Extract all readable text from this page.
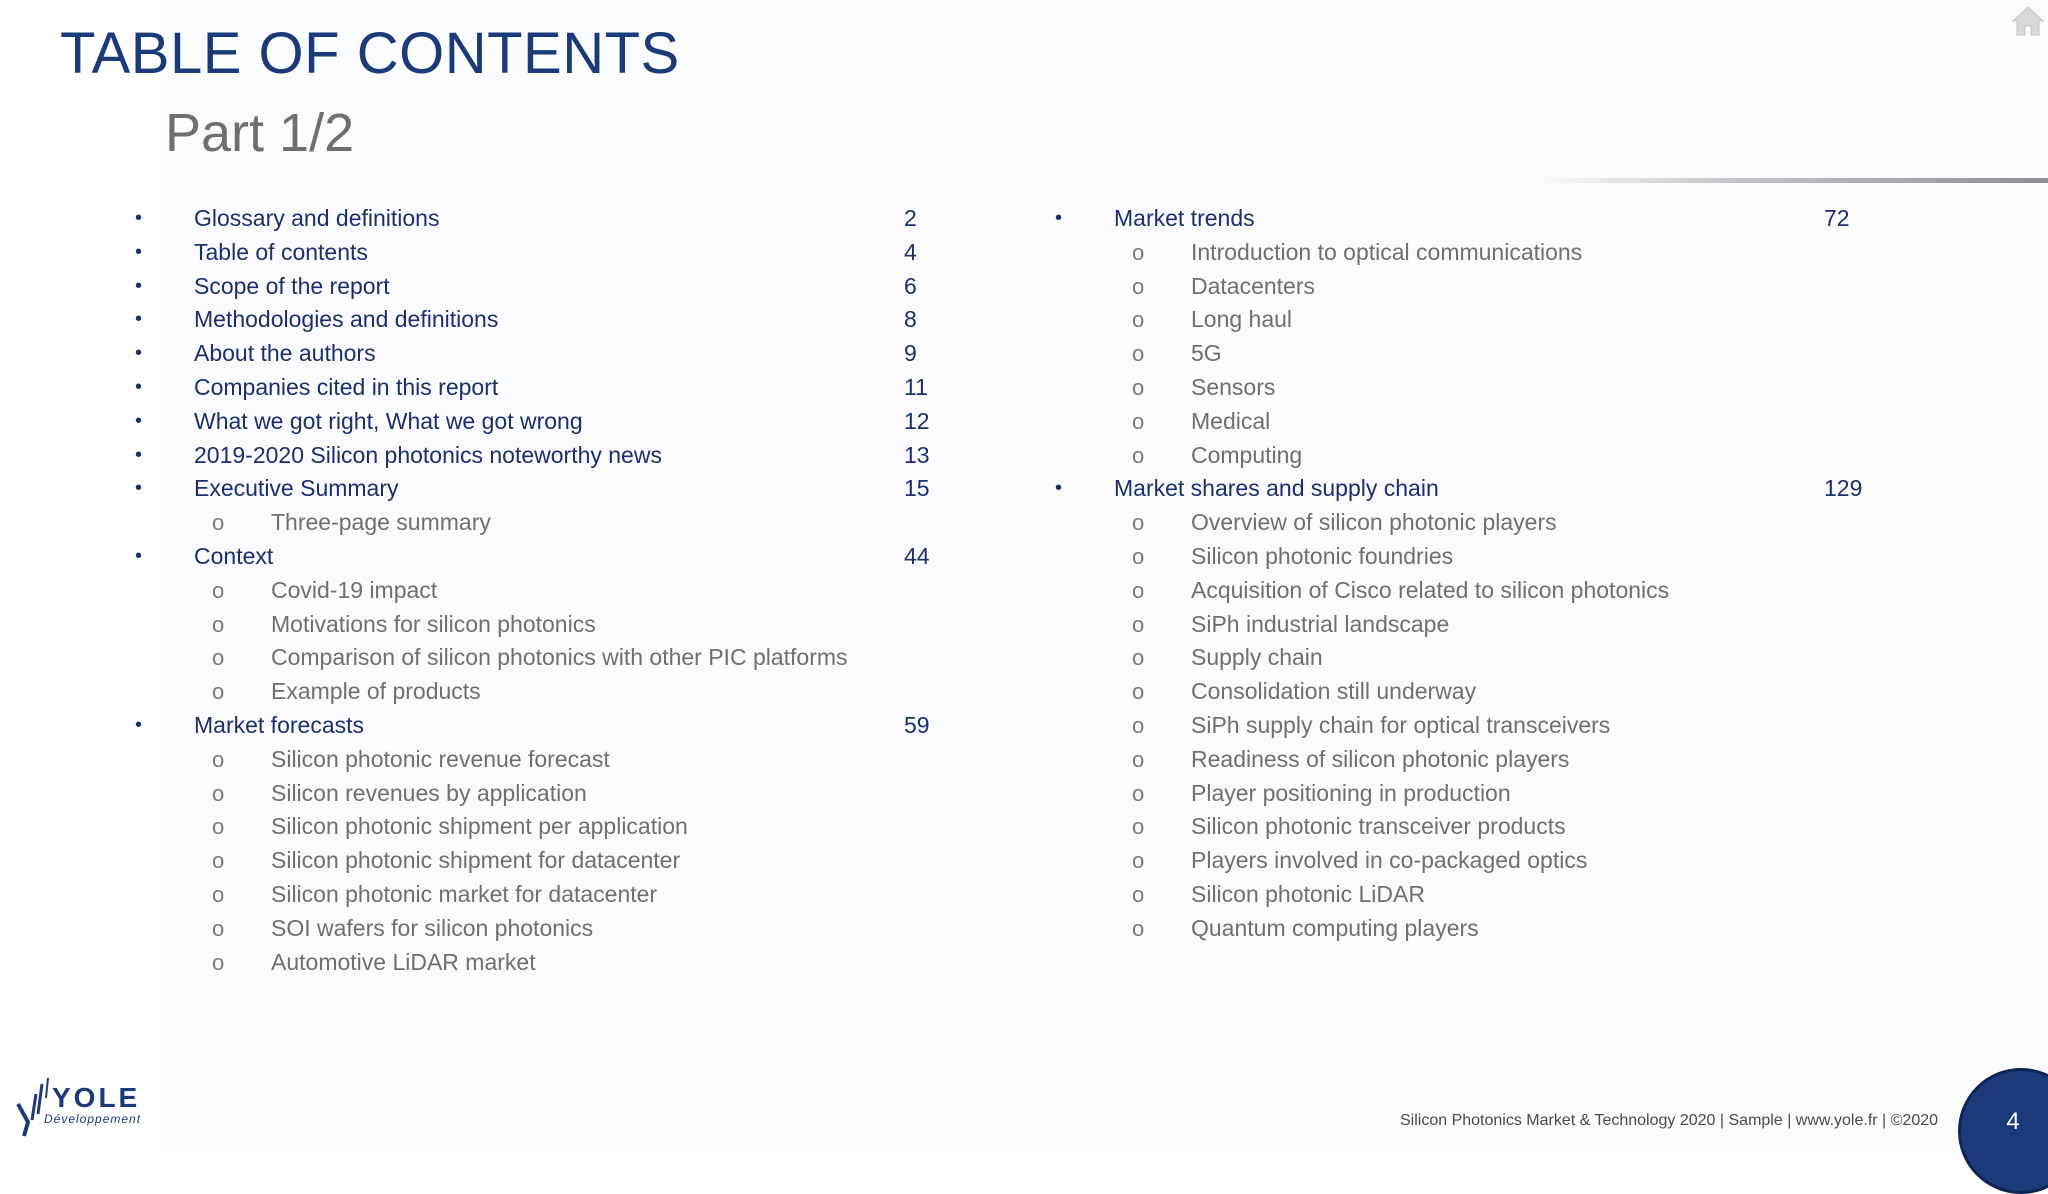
TABLE OF CONTENTS
Part 1/2
• Glossary and definitions	2
• Table of contents	4
• Scope of the report	6
• Methodologies and definitions	8
• About the authors	9
• Companies cited in this report	11
• What we got right, What we got wrong	12
• 2019-2020 Silicon photonics noteworthy news	13
• Executive Summary	15
o Three-page summary
• Context	44
o Covid-19 impact
o Motivations for silicon photonics
o Comparison of silicon photonics with other PIC platforms
o Example of products
• Market forecasts	59
o Silicon photonic revenue forecast
o Silicon revenues by application
o Silicon photonic shipment per application
o Silicon photonic shipment for datacenter
o Silicon photonic market for datacenter
o SOI wafers for silicon photonics
o Automotive LiDAR market
• Market trends	72
o Introduction to optical communications
o Datacenters
o Long haul
o 5G
o Sensors
o Medical
o Computing
• Market shares and supply chain	129
o Overview of silicon photonic players
o Silicon photonic foundries
o Acquisition of Cisco related to silicon photonics
o SiPh industrial landscape
o Supply chain
o Consolidation still underway
o SiPh supply chain for optical transceivers
o Readiness of silicon photonic players
o Player positioning in production
o Silicon photonic transceiver products
o Players involved in co-packaged optics
o Silicon photonic LiDAR
o Quantum computing players
YOLE
Développement	Silicon Photonics Market & Technology 2020 | Sample | www.yole.fr | ©2020	4
